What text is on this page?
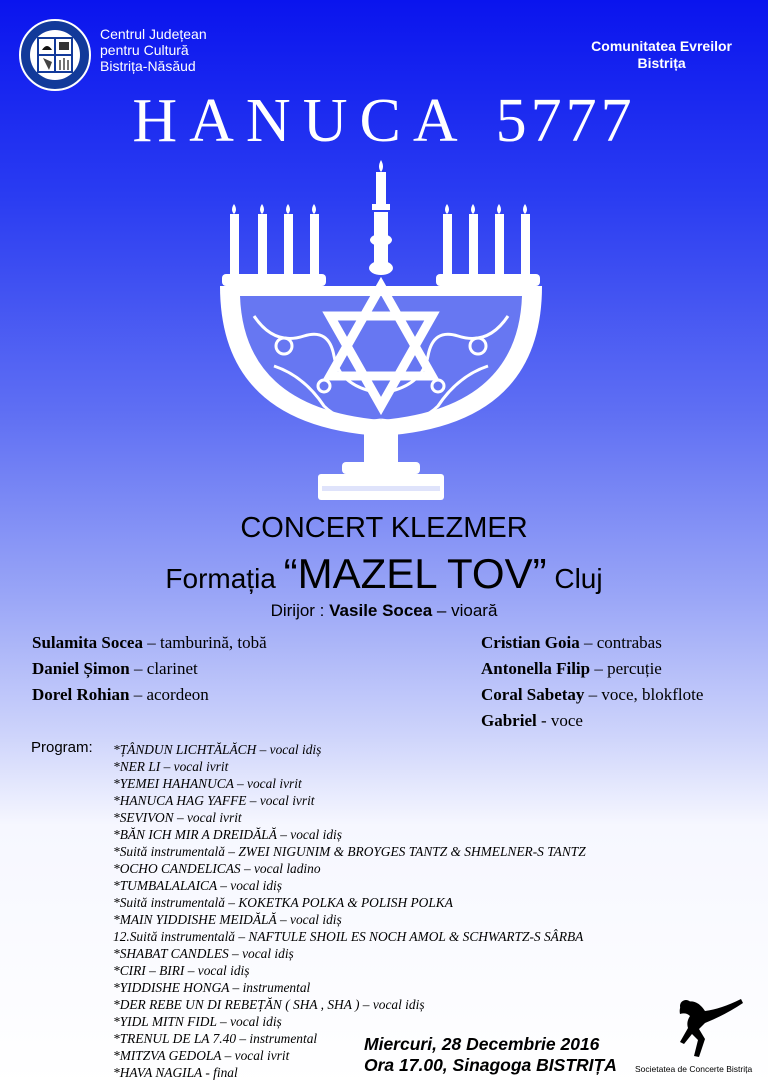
Centrul Județean
pentru Cultură
Bistrița-Năsăud
Comunitatea Evreilor
Bistrița
HANUCA 5777
CONCERT KLEZMER
Formația “MAZEL TOV” Cluj
Dirijor : Vasile Socea – vioară
Sulamita Socea – tamburină, tobă
Daniel Șimon – clarinet
Dorel Rohian – acordeon
Cristian Goia – contrabas
Antonella Filip – percuție
Coral Sabetay – voce, blokflote
Gabriel - voce
Program: *ȚÂNDUN LICHTĂLĂCH – vocal idiș
*NER LI – vocal ivrit
*YEMEI HAHANUCA – vocal ivrit
*HANUCA HAG YAFFE – vocal ivrit
*SEVIVON – vocal ivrit
*BĂN ICH MIR A DREIDĂLĂ – vocal idiș
*Suită instrumentală – ZWEI NIGUNIM & BROYGES TANTZ & SHMELNER-S TANTZ
*OCHO CANDELICAS – vocal ladino
*TUMBALALAICA – vocal idiș
*Suită instrumentală – KOKETKA POLKA & POLISH POLKA
*MAIN YIDDISHE MEIDĂLĂ – vocal idiș
12.Suită instrumentală – NAFTULE SHOIL ES NOCH AMOL & SCHWARTZ-S SÂRBA
*SHABAT CANDLES – vocal idiș
*CIRI – BIRI – vocal idiș
*YIDDISHE HONGA – instrumental
*DER REBE UN DI REBEȚĂN ( SHA , SHA ) – vocal idiș
*YIDL MITN FIDL – vocal idiș
*TRENUL DE LA 7.40 – instrumental
*MITZVA GEDOLA – vocal ivrit
*HAVA NAGILA - final
Miercuri, 28 Decembrie 2016
Ora 17.00, Sinagoga BISTRIȚA Societatea de Concerte Bistrița
